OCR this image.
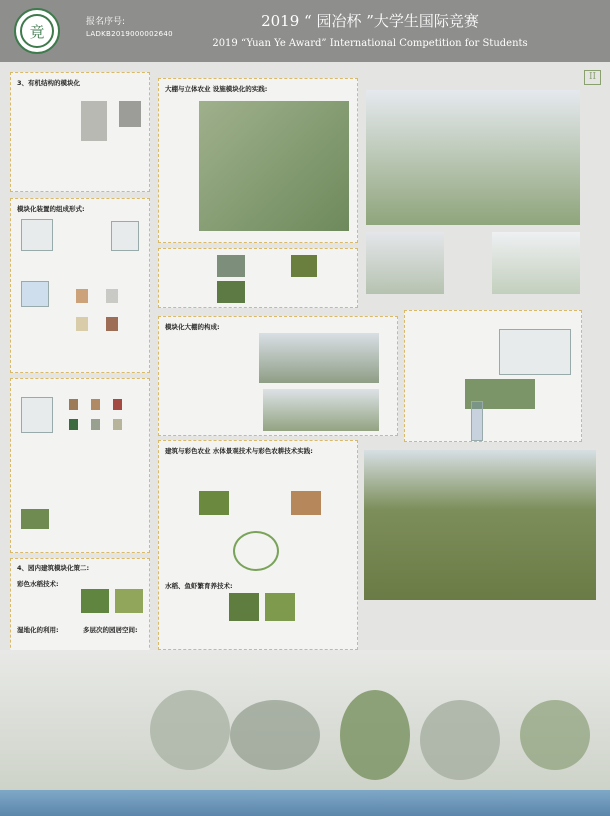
竟
报名序号:
LADKB2019000002640
2019 “ 园冶杯 ”大学生国际竞赛
2019 “Yuan Ye Award” International Competition for Students
II
3、有机结构的模块化
模块化装置的组成形式:
4、园内建筑模块化策二:
彩色水稻技术:
湿地化的利用:	多层次的园居空间:
大棚与立体农业 设施模块化的实践:
模块化大棚的构成:
建筑与彩色农业 水体景观技术与彩色农耕技术实践:
水稻、鱼虾繁育养技术:
